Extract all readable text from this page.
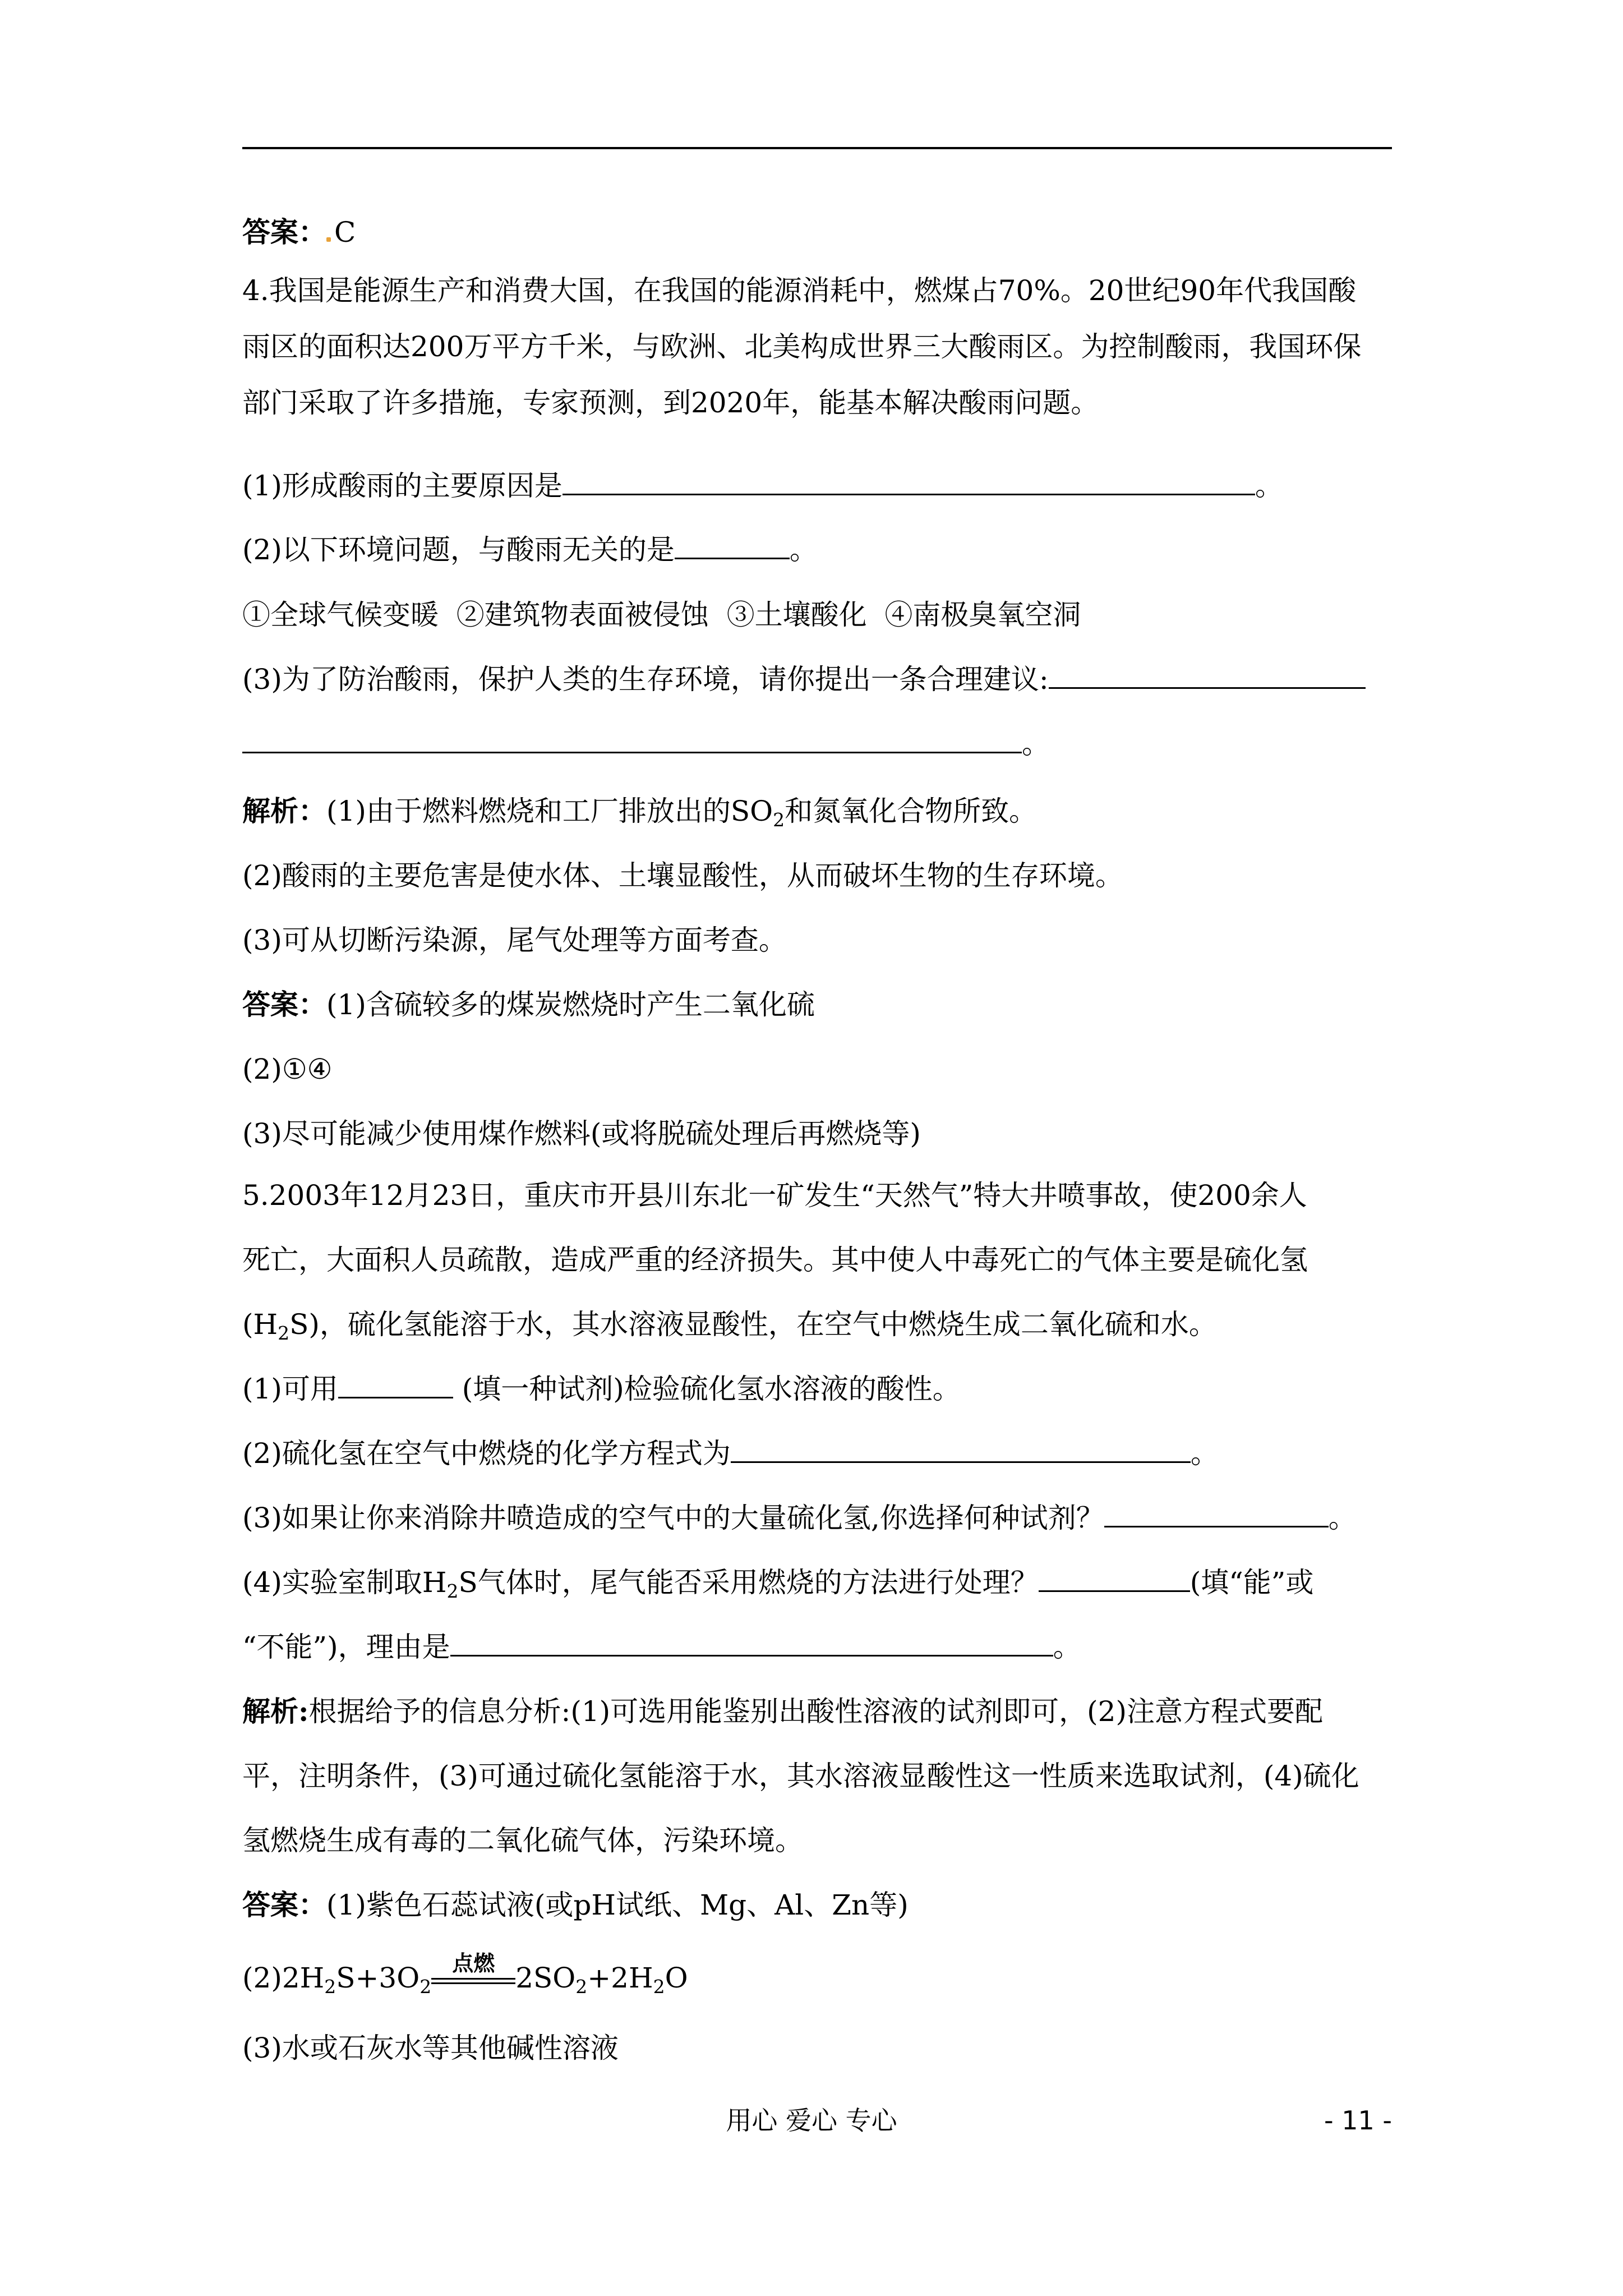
答案： C
4.我国是能源生产和消费大国，在我国的能源消耗中，燃煤占70%。20世纪90年代我国酸
雨区的面积达200万平方千米，与欧洲、北美构成世界三大酸雨区。为控制酸雨，我国环保
部门采取了许多措施，专家预测，到2020年，能基本解决酸雨问题。
(1)形成酸雨的主要原因是	。
(2)以下环境问题，与酸雨无关的是	。
①全球气候变暖  ②建筑物表面被侵蚀  ③土壤酸化  ④南极臭氧空洞
(3)为了防治酸雨，保护人类的生存环境，请你提出一条合理建议:
。
解析：(1)由于燃料燃烧和工厂排放出的$SO_2$和氮氧化合物所致。
(2)酸雨的主要危害是使水体、土壤显酸性，从而破坏生物的生存环境。
(3)可从切断污染源，尾气处理等方面考查。
答案：(1)含硫较多的煤炭燃烧时产生二氧化硫
(2)①④
(3)尽可能减少使用煤作燃料(或将脱硫处理后再燃烧等)
5.2003年12月23日，重庆市开县川东北一矿发生“天然气”特大井喷事故，使200余人
死亡，大面积人员疏散，造成严重的经济损失。其中使人中毒死亡的气体主要是硫化氢
$(H_2S)$，硫化氢能溶于水，其水溶液显酸性，在空气中燃烧生成二氧化硫和水。
(1)可用	(填一种试剂)检验硫化氢水溶液的酸性。
(2)硫化氢在空气中燃烧的化学方程式为	。
(3)如果让你来消除井喷造成的空气中的大量硫化氢,你选择何种试剂？	。
(4)实验室制取$H_2S$气体时，尾气能否采用燃烧的方法进行处理？	(填“能”或
“不能”)，理由是	。
解析:根据给予的信息分析:(1)可选用能鉴别出酸性溶液的试剂即可，(2)注意方程式要配
平，注明条件，(3)可通过硫化氢能溶于水，其水溶液显酸性这一性质来选取试剂，(4)硫化
氢燃烧生成有毒的二氧化硫气体，污染环境。
答案：(1)紫色石蕊试液(或pH试纸、Mg、Al、Zn等)
$(2)2H_2S+3O_2$
点燃 $2SO_2+2H_2O$
(3)水或石灰水等其他碱性溶液
用心 爱心 专心	- 11 -
